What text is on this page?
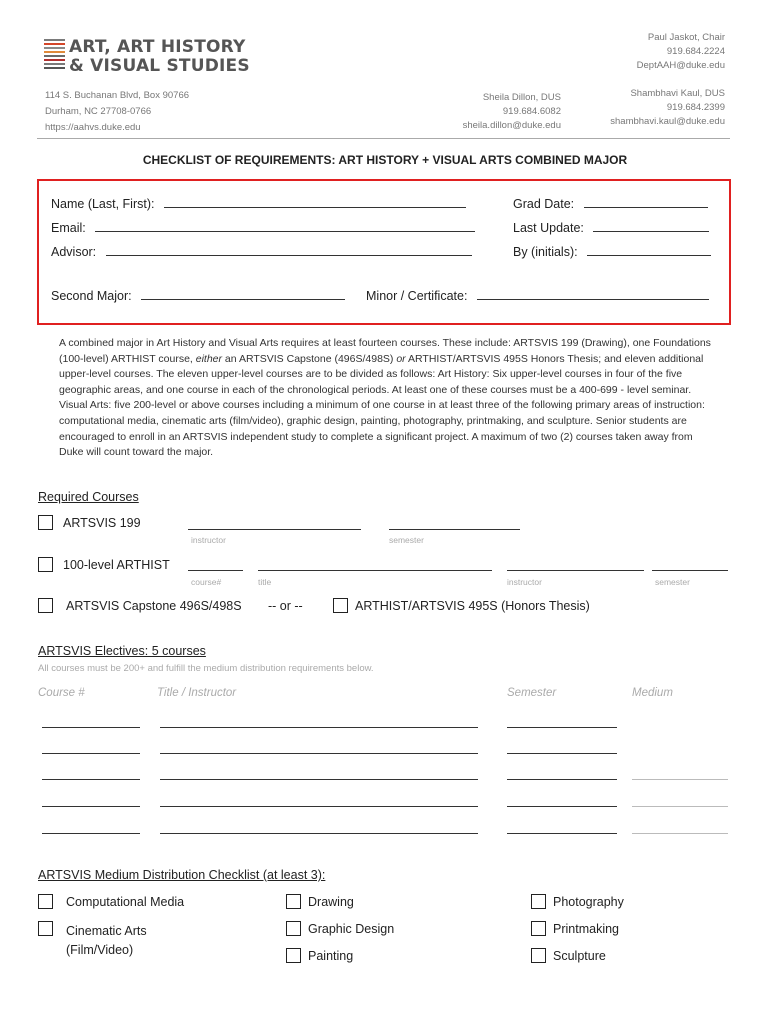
ART, ART HISTORY
& VISUAL STUDIES
114 S. Buchanan Blvd, Box 90766
Durham, NC 27708-0766
https://aahvs.duke.edu
Sheila Dillon, DUS
919.684.6082
sheila.dillon@duke.edu
Paul Jaskot, Chair
919.684.2224
DeptAAH@duke.edu
Shambhavi Kaul, DUS
919.684.2399
shambhavi.kaul@duke.edu
CHECKLIST OF REQUIREMENTS: ART HISTORY + VISUAL ARTS COMBINED MAJOR
Name (Last, First):
Email:
Advisor:
Grad Date:
Last Update:
By (initials):
Second Major:	Minor / Certificate:
A combined major in Art History and Visual Arts requires at least fourteen courses. These include: ARTSVIS 199 (Drawing), one Foundations (100-level) ARTHIST course, either an ARTSVIS Capstone (496S/498S) or ARTHIST/ARTSVIS 495S Honors Thesis; and eleven additional upper-level courses. The eleven upper-level courses are to be divided as follows: Art History: Six upper-level courses in four of the five geographic areas, and one course in each of the chronological periods. At least one of these courses must be a 400-699 - level seminar. Visual Arts: five 200-level or above courses including a minimum of one course in at least three of the following primary areas of instruction: computational media, cinematic arts (film/video), graphic design, painting, photography, printmaking, and sculpture. Senior students are encouraged to enroll in an ARTSVIS independent study to complete a significant project. A maximum of two (2) courses taken away from Duke will count toward the major.
Required Courses
ARTSVIS 199
instructor	semester
100-level ARTHIST
course#	title	instructor	semester
ARTSVIS Capstone 496S/498S -- or --	ARTHIST/ARTSVIS 495S (Honors Thesis)
ARTSVIS Electives: 5 courses
All courses must be 200+ and fulfill the medium distribution requirements below.
Course #	Title / Instructor	Semester	Medium
ARTSVIS Medium Distribution Checklist (at least 3):
Computational Media
Cinematic Arts
(Film/Video)
Drawing
Graphic Design
Painting
Photography
Printmaking
Sculpture
